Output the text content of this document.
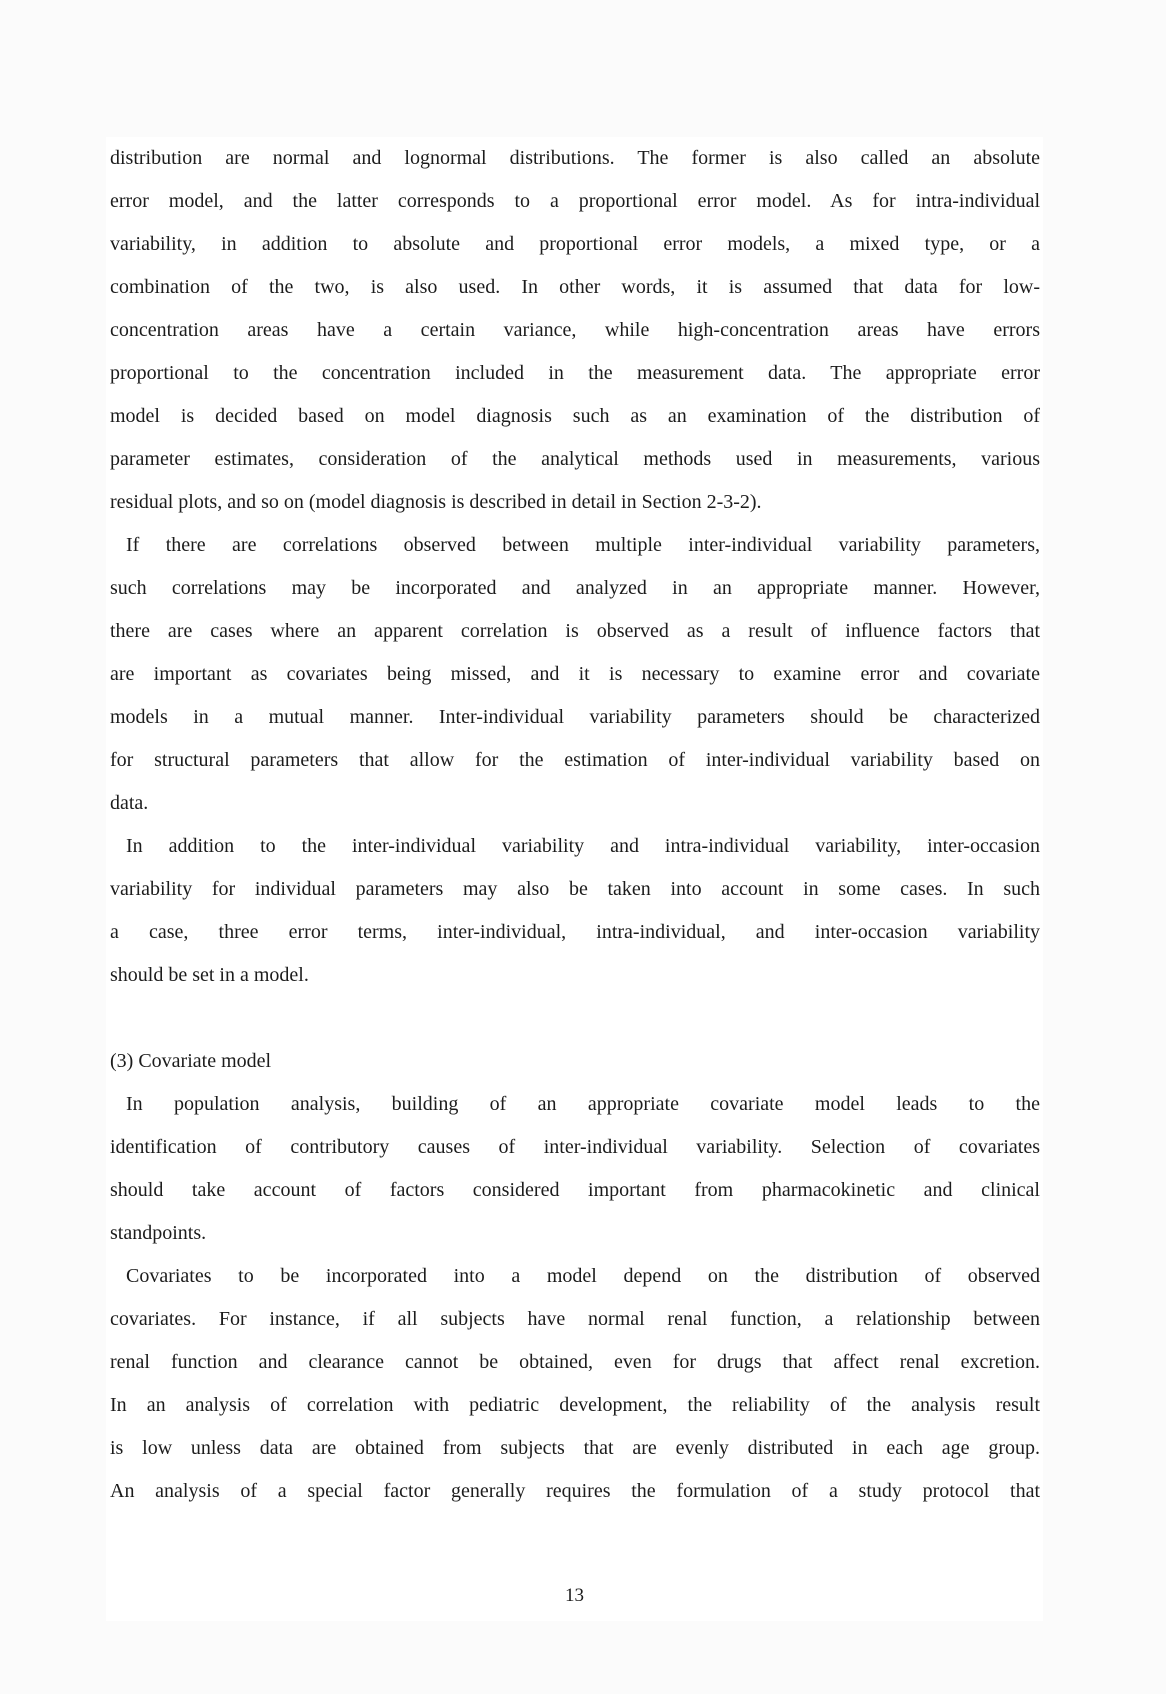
distribution are normal and lognormal distributions. The former is also called an absolute
error model, and the latter corresponds to a proportional error model. As for intra-individual
variability, in addition to absolute and proportional error models, a mixed type, or a
combination of the two, is also used. In other words, it is assumed that data for low-
concentration areas have a certain variance, while high-concentration areas have errors
proportional to the concentration included in the measurement data. The appropriate error
model is decided based on model diagnosis such as an examination of the distribution of
parameter estimates, consideration of the analytical methods used in measurements, various
residual plots, and so on (model diagnosis is described in detail in Section 2-3-2).
If there are correlations observed between multiple inter-individual variability parameters,
such correlations may be incorporated and analyzed in an appropriate manner. However,
there are cases where an apparent correlation is observed as a result of influence factors that
are important as covariates being missed, and it is necessary to examine error and covariate
models in a mutual manner. Inter-individual variability parameters should be characterized
for structural parameters that allow for the estimation of inter-individual variability based on
data.
In addition to the inter-individual variability and intra-individual variability, inter-occasion
variability for individual parameters may also be taken into account in some cases. In such
a case, three error terms, inter-individual, intra-individual, and inter-occasion variability
should be set in a model.
(3) Covariate model
In population analysis, building of an appropriate covariate model leads to the
identification of contributory causes of inter-individual variability. Selection of covariates
should take account of factors considered important from pharmacokinetic and clinical
standpoints.
Covariates to be incorporated into a model depend on the distribution of observed
covariates. For instance, if all subjects have normal renal function, a relationship between
renal function and clearance cannot be obtained, even for drugs that affect renal excretion.
In an analysis of correlation with pediatric development, the reliability of the analysis result
is low unless data are obtained from subjects that are evenly distributed in each age group.
An analysis of a special factor generally requires the formulation of a study protocol that
13
